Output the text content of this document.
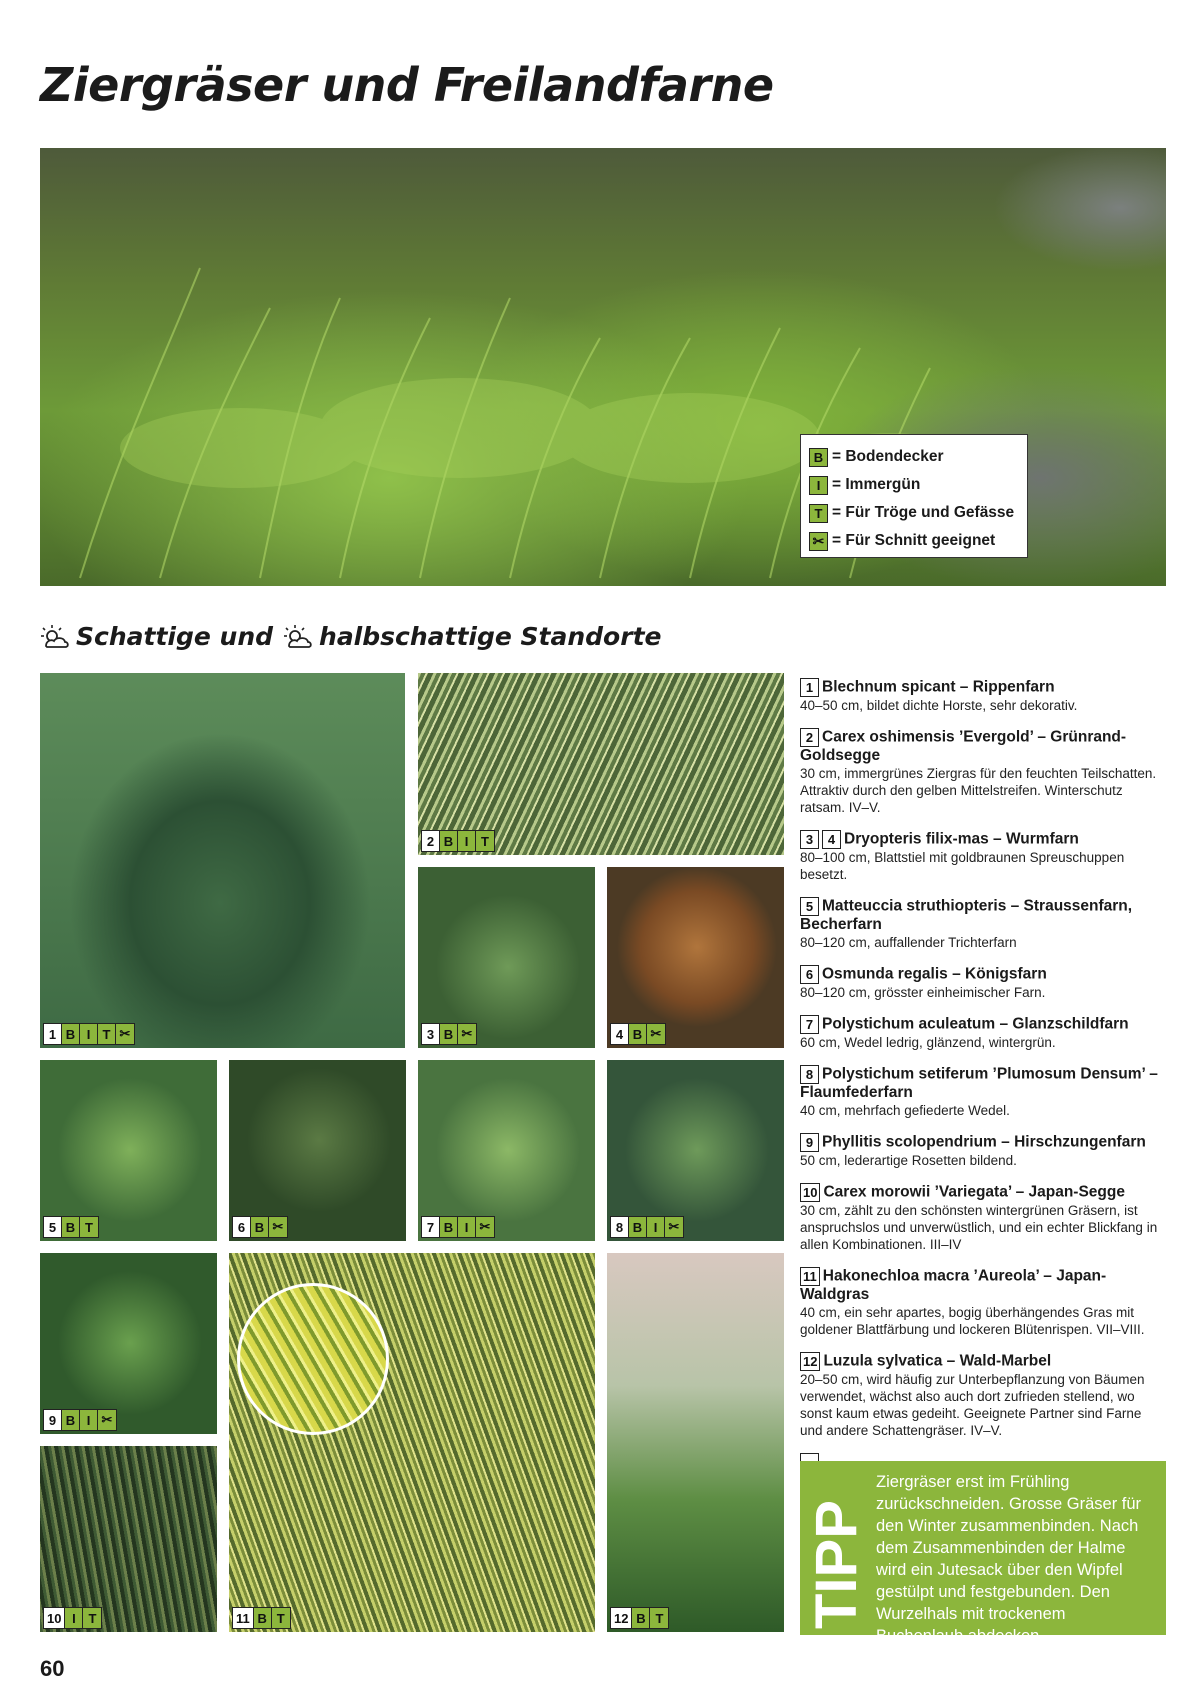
Ziergräser und Freilandfarne
B = Bodendecker
I = Immergün
T = Für Tröge und Gefässe
✂ = Für Schnitt geeignet
Schattige und halbschattige Standorte
1 B I T ✂
2 B I T
3 B ✂	4 B ✂
5 B T	6 B ✂	7 B I ✂	8 B I ✂
9 B I ✂
10 I T	11 B T	12 B T
1 Blechnum spicant – Rippenfarn
40–50 cm, bildet dichte Horste, sehr dekorativ.
2 Carex oshimensis ’Evergold’ – Grünrand-Goldsegge
30 cm, immergrünes Ziergras für den feuchten Teilschatten. Attraktiv durch den gelben Mittelstreifen. Winterschutz ratsam. IV–V.
3 4 Dryopteris filix-mas – Wurmfarn
80–100 cm, Blattstiel mit goldbraunen Spreuschuppen besetzt.
5 Matteuccia struthiopteris – Straussenfarn, Becherfarn
80–120 cm, auffallender Trichterfarn
6 Osmunda regalis – Königsfarn
80–120 cm, grösster einheimischer Farn.
7 Polystichum aculeatum – Glanzschildfarn
60 cm, Wedel ledrig, glänzend, wintergrün.
8 Polystichum setiferum ’Plumosum Densum’ – Flaumfederfarn
40 cm, mehrfach gefiederte Wedel.
9 Phyllitis scolopendrium – Hirschzungenfarn
50 cm, lederartige Rosetten bildend.
10 Carex morowii ’Variegata’ – Japan-Segge
30 cm, zählt zu den schönsten wintergrünen Gräsern, ist anspruchslos und unverwüstlich, und ein echter Blickfang in allen Kombinationen. III–IV
11 Hakonechloa macra ’Aureola’ – Japan-Waldgras
40 cm, ein sehr apartes, bogig überhängendes Gras mit goldener Blattfärbung und lockeren Blütenrispen. VII–VIII.
12 Luzula sylvatica – Wald-Marbel
20–50 cm, wird häufig zur Unterbepflanzung von Bäumen verwendet, wächst also auch dort zufrieden stellend, wo sonst kaum etwas gedeiht. Geeignete Partner sind Farne und andere Schattengräser. IV–V.
TIPP
Ziergräser erst im Frühling zurückschneiden. Grosse Gräser für den Winter zusammenbinden. Nach dem Zusammenbinden der Halme wird ein Jutesack über den Wipfel gestülpt und festgebunden. Den Wurzelhals mit trockenem Buchenlaub abdecken.
60
